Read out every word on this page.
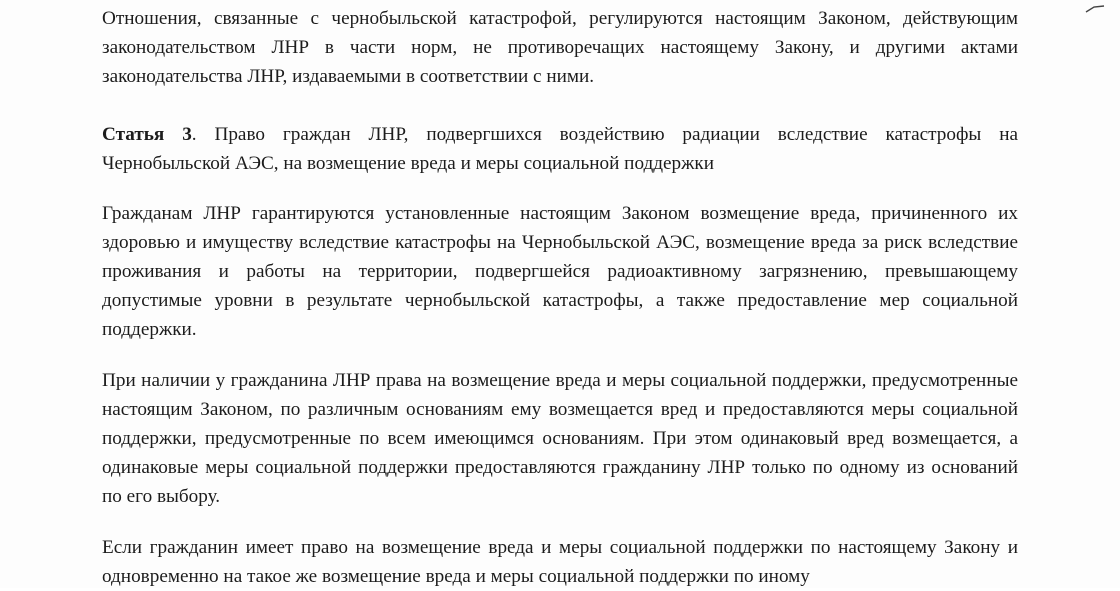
Отношения, связанные с чернобыльской катастрофой, регулируются настоящим Законом, действующим законодательством ЛНР в части норм, не противоречащих настоящему Закону, и другими актами законодательства ЛНР, издаваемыми в соответствии с ними.

Статья 3. Право граждан ЛНР, подвергшихся воздействию радиации вследствие катастрофы на Чернобыльской АЭС, на возмещение вреда и меры социальной поддержки

Гражданам ЛНР гарантируются установленные настоящим Законом возмещение вреда, причиненного их здоровью и имуществу вследствие катастрофы на Чернобыльской АЭС, возмещение вреда за риск вследствие проживания и работы на территории, подвергшейся радиоактивному загрязнению, превышающему допустимые уровни в результате чернобыльской катастрофы, а также предоставление мер социальной поддержки.

При наличии у гражданина ЛНР права на возмещение вреда и меры социальной поддержки, предусмотренные настоящим Законом, по различным основаниям ему возмещается вред и предоставляются меры социальной поддержки, предусмотренные по всем имеющимся основаниям. При этом одинаковый вред возмещается, а одинаковые меры социальной поддержки предоставляются гражданину ЛНР только по одному из оснований по его выбору.

Если гражданин имеет право на возмещение вреда и меры социальной поддержки по настоящему Закону и одновременно на такое же возмещение вреда и меры социальной поддержки по иному
